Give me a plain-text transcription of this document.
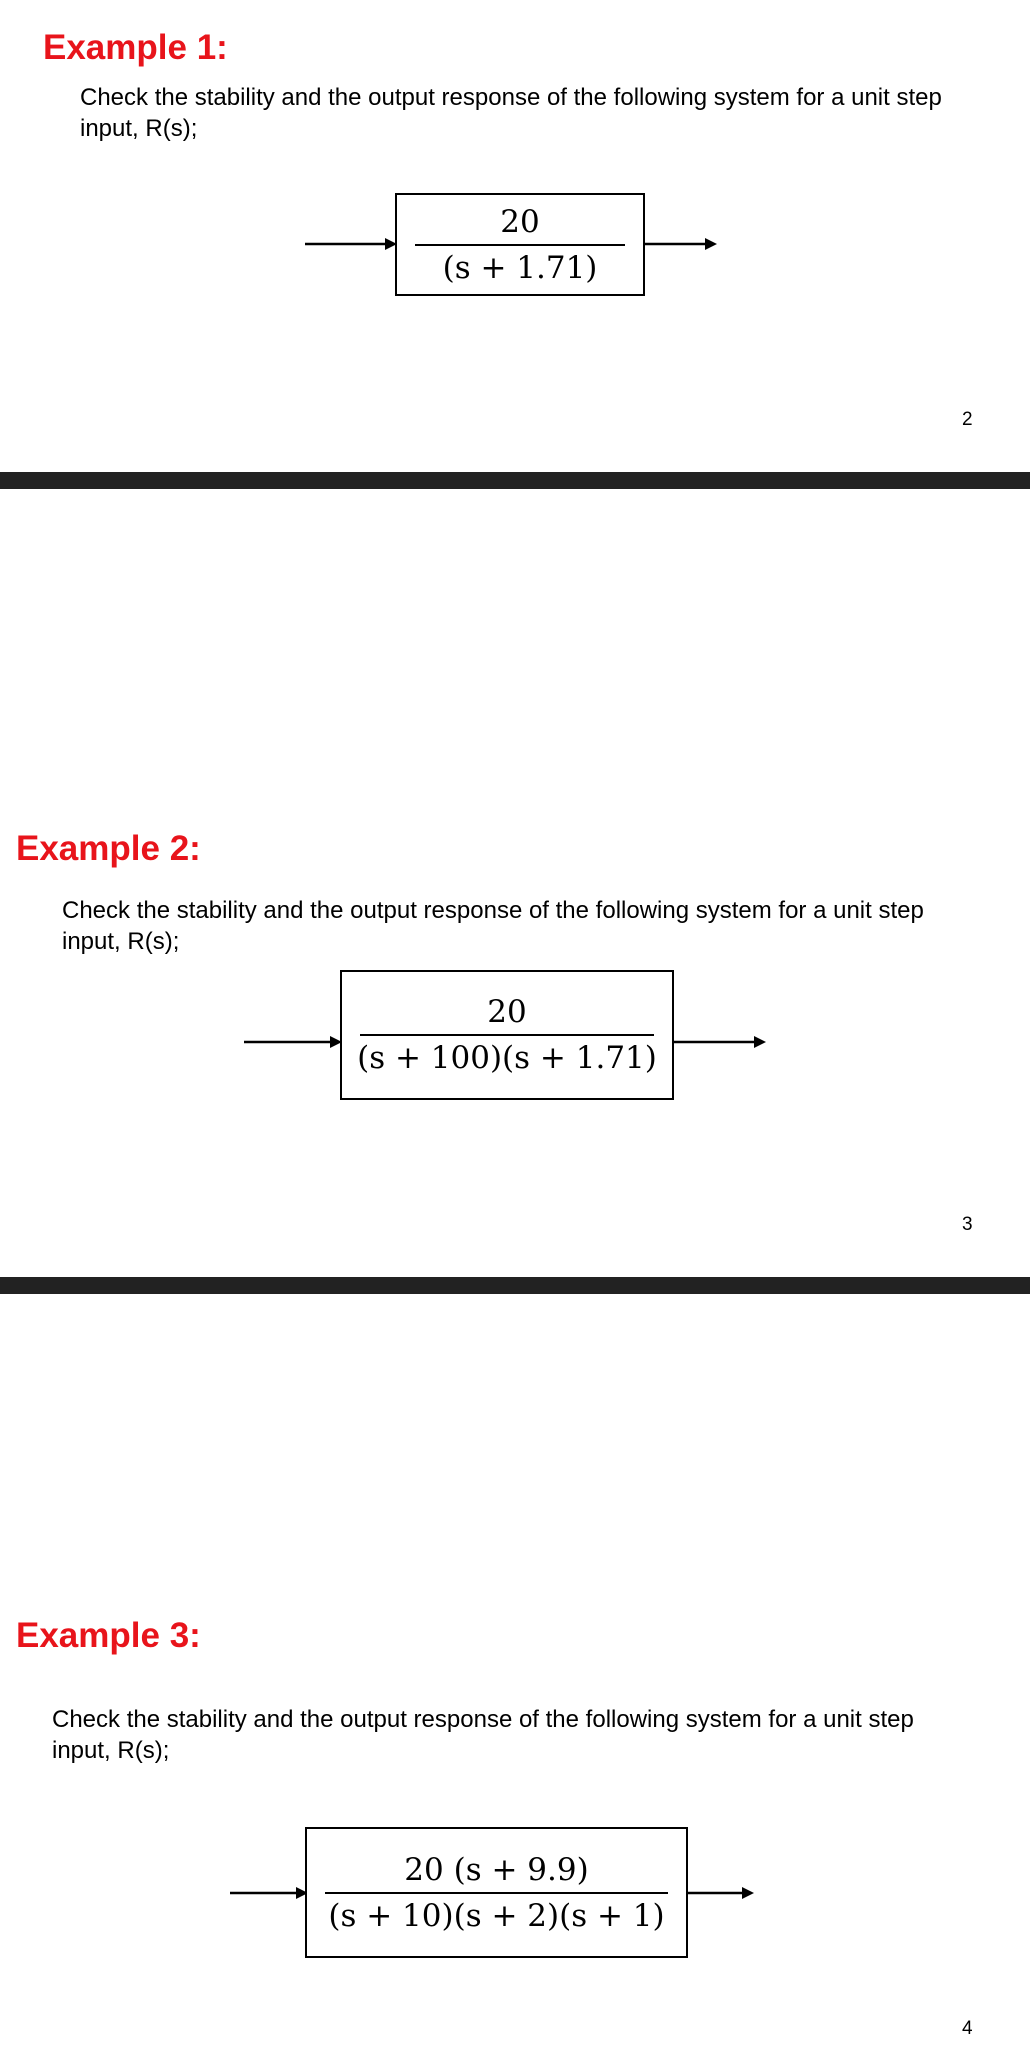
Example 1:

Check the stability and the output response of the following system for a unit step input, R(s);

20
(s + 1.71)
2
Example 2:

Check the stability and the output response of the following system for a unit step input, R(s);

20
(s + 100)(s + 1.71)
3
Example 3:

Check the stability and the output response of the following system for a unit step input, R(s);

20 (s + 9.9)
(s + 10)(s + 2)(s + 1)
4
